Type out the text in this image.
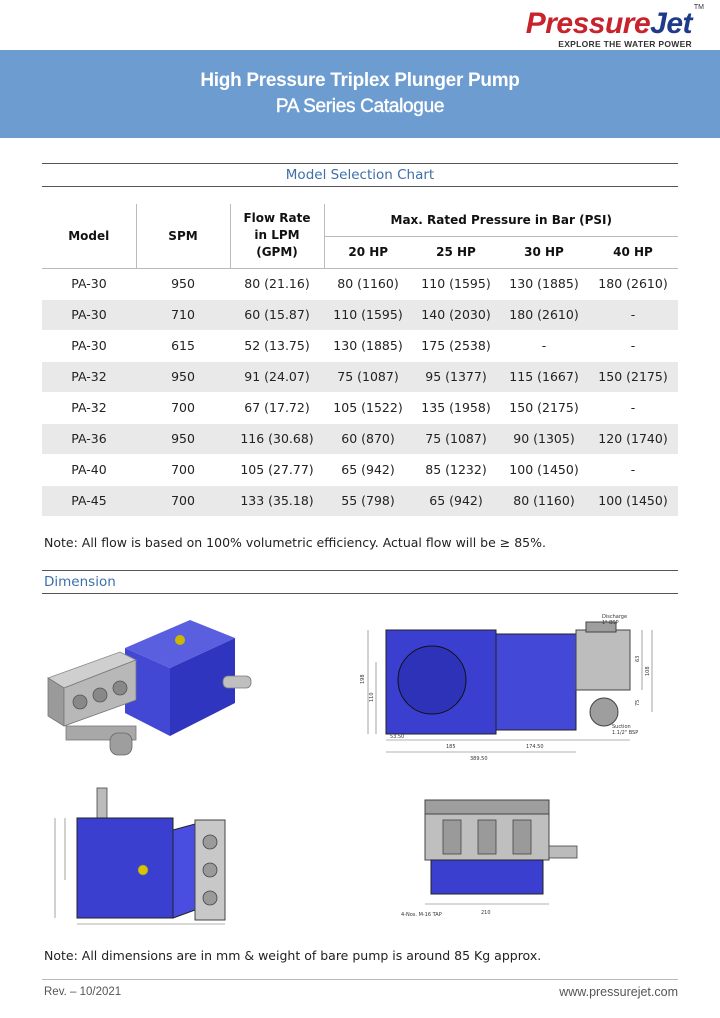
PressureJet TM
EXPLORE THE WATER POWER
High Pressure Triplex Plunger Pump
PA Series Catalogue
Model Selection Chart
Model	SPM	Flow Rate
in LPM
(GPM)	Max. Rated Pressure in Bar (PSI)			
			20 HP	25 HP	30 HP	40 HP
PA-30	950	80 (21.16)	80 (1160)	110 (1595)	130 (1885)	180 (2610)
PA-30	710	60 (15.87)	110 (1595)	140 (2030)	180 (2610)	-
PA-30	615	52 (13.75)	130 (1885)	175 (2538)	-	-
PA-32	950	91 (24.07)	75 (1087)	95 (1377)	115 (1667)	150 (2175)
PA-32	700	67 (17.72)	105 (1522)	135 (1958)	150 (2175)	-
PA-36	950	116 (30.68)	60 (870)	75 (1087)	90 (1305)	120 (1740)
PA-40	700	105 (27.77)	65 (942)	85 (1232)	100 (1450)	-
PA-45	700	133 (35.18)	55 (798)	65 (942)	80 (1160)	100 (1450)
Note: All flow is based on 100% volumetric efficiency. Actual flow will be ≥ 85%.
Dimension
198
110
53.50
185	174.50
389.50
63
108
75
Discharge
1" BSP
Suction
1.1/2" BSP
4-Nos. M-16 TAP	210
Note: All dimensions are in mm & weight of bare pump is around 85 Kg approx.
Rev. – 10/2021	www.pressurejet.com
